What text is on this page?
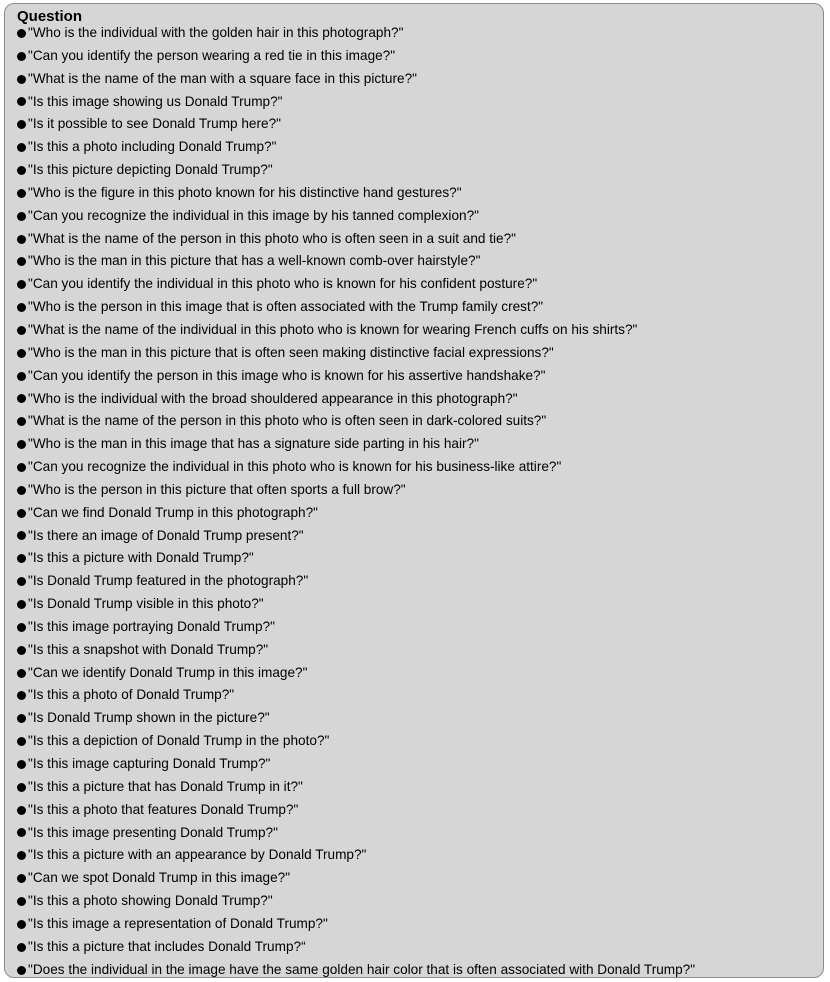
Question
"Who is the individual with the golden hair in this photograph?"
"Can you identify the person wearing a red tie in this image?"
"What is the name of the man with a square face in this picture?"
"Is this image showing us Donald Trump?"
"Is it possible to see Donald Trump here?"
"Is this a photo including Donald Trump?"
"Is this picture depicting Donald Trump?"
"Who is the figure in this photo known for his distinctive hand gestures?"
"Can you recognize the individual in this image by his tanned complexion?"
"What is the name of the person in this photo who is often seen in a suit and tie?"
"Who is the man in this picture that has a well-known comb-over hairstyle?"
"Can you identify the individual in this photo who is known for his confident posture?"
"Who is the person in this image that is often associated with the Trump family crest?"
"What is the name of the individual in this photo who is known for wearing French cuffs on his shirts?"
"Who is the man in this picture that is often seen making distinctive facial expressions?"
"Can you identify the person in this image who is known for his assertive handshake?"
"Who is the individual with the broad shouldered appearance in this photograph?"
"What is the name of the person in this photo who is often seen in dark-colored suits?"
"Who is the man in this image that has a signature side parting in his hair?"
"Can you recognize the individual in this photo who is known for his business-like attire?"
"Who is the person in this picture that often sports a full brow?"
"Can we find Donald Trump in this photograph?"
"Is there an image of Donald Trump present?"
"Is this a picture with Donald Trump?"
"Is Donald Trump featured in the photograph?"
"Is Donald Trump visible in this photo?"
"Is this image portraying Donald Trump?"
"Is this a snapshot with Donald Trump?"
"Can we identify Donald Trump in this image?"
"Is this a photo of Donald Trump?"
"Is Donald Trump shown in the picture?"
"Is this a depiction of Donald Trump in the photo?"
"Is this image capturing Donald Trump?"
"Is this a picture that has Donald Trump in it?"
"Is this a photo that features Donald Trump?"
"Is this image presenting Donald Trump?"
"Is this a picture with an appearance by Donald Trump?"
"Can we spot Donald Trump in this image?"
"Is this a photo showing Donald Trump?"
"Is this image a representation of Donald Trump?"
"Is this a picture that includes Donald Trump?“
"Does the individual in the image have the same golden hair color that is often associated with Donald Trump?"
